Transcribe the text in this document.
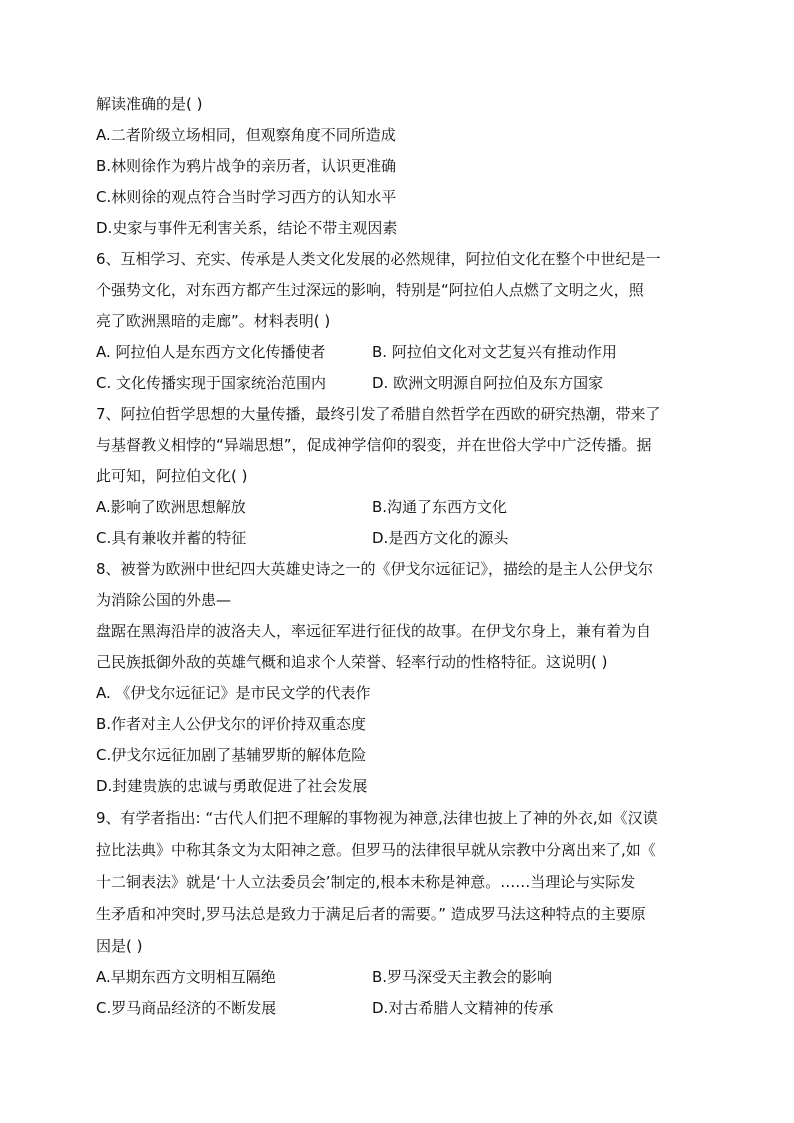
解读准确的是( )
A.二者阶级立场相同，但观察角度不同所造成
B.林则徐作为鸦片战争的亲历者，认识更准确
C.林则徐的观点符合当时学习西方的认知水平
D.史家与事件无利害关系，结论不带主观因素
6、互相学习、充实、传承是人类文化发展的必然规律，阿拉伯文化在整个中世纪是一
个强势文化，对东西方都产生过深远的影响，特别是“阿拉伯人点燃了文明之火，照
亮了欧洲黑暗的走廊”。材料表明( )
A. 阿拉伯人是东西方文化传播使者	B. 阿拉伯文化对文艺复兴有推动作用
C. 文化传播实现于国家统治范围内	D. 欧洲文明源自阿拉伯及东方国家
7、阿拉伯哲学思想的大量传播，最终引发了希腊自然哲学在西欧的研究热潮，带来了
与基督教义相悖的“异端思想”，促成神学信仰的裂变，并在世俗大学中广泛传播。据
此可知，阿拉伯文化( )
A.影响了欧洲思想解放	B.沟通了东西方文化
C.具有兼收并蓄的特征	D.是西方文化的源头
8、被誉为欧洲中世纪四大英雄史诗之一的《伊戈尔远征记》，描绘的是主人公伊戈尔
为消除公国的外患—
盘踞在黑海沿岸的波洛夫人，率远征军进行征伐的故事。在伊戈尔身上，兼有着为自
己民族抵御外敌的英雄气概和追求个人荣誉、轻率行动的性格特征。这说明( )
A. 《伊戈尔远征记》是市民文学的代表作
B.作者对主人公伊戈尔的评价持双重态度
C.伊戈尔远征加剧了基辅罗斯的解体危险
D.封建贵族的忠诚与勇敢促进了社会发展
9、有学者指出: “古代人们把不理解的事物视为神意,法律也披上了神的外衣,如《汉谟
拉比法典》中称其条文为太阳神之意。但罗马的法律很早就从宗教中分离出来了,如《
十二铜表法》就是‘十人立法委员会’制定的,根本未称是神意。……当理论与实际发
生矛盾和冲突时,罗马法总是致力于满足后者的需要。” 造成罗马法这种特点的主要原
因是( )
A.早期东西方文明相互隔绝	B.罗马深受天主教会的影响
C.罗马商品经济的不断发展	D.对古希腊人文精神的传承
